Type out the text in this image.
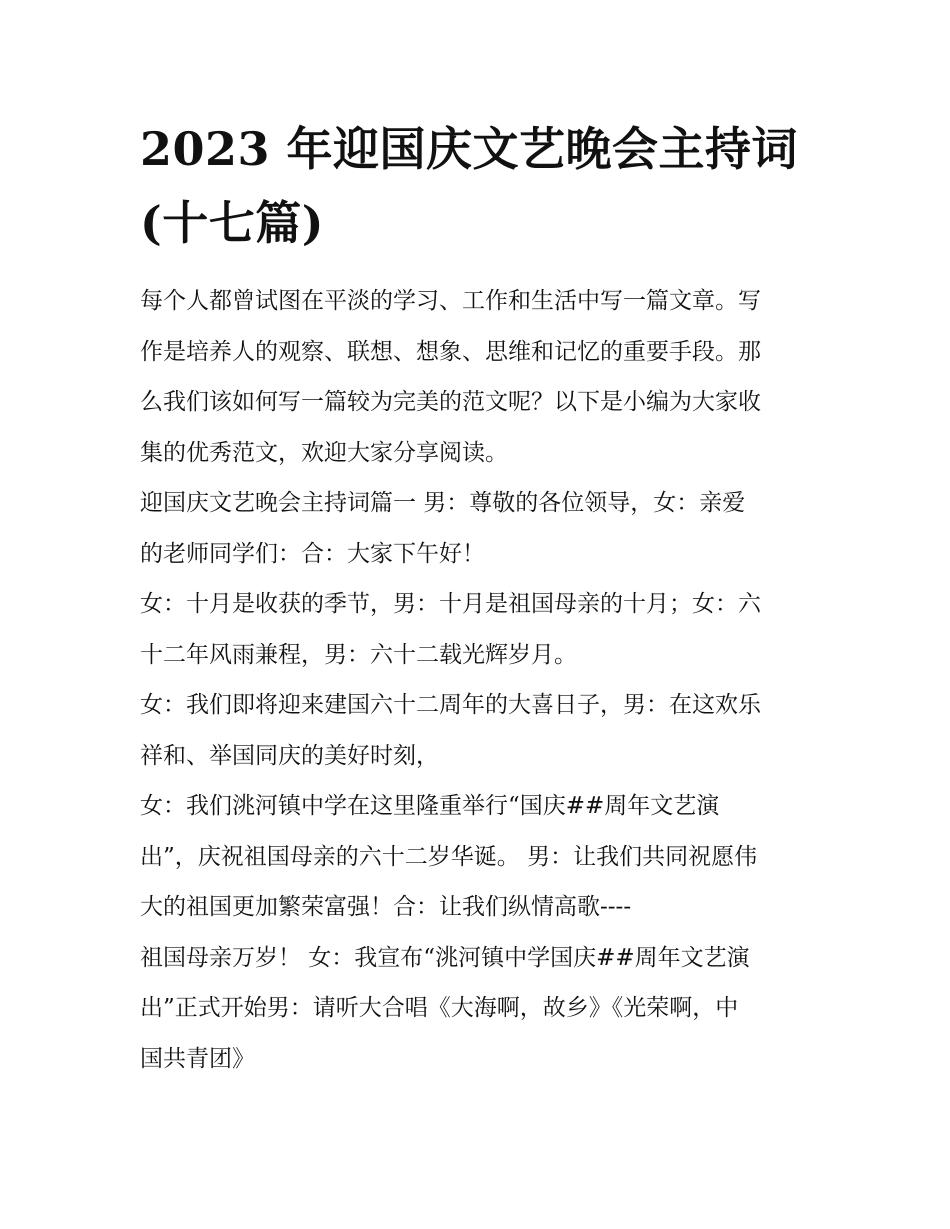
2023 年迎国庆文艺晚会主持词
(十七篇)

每个人都曾试图在平淡的学习、工作和生活中写一篇文章。写
作是培养人的观察、联想、想象、思维和记忆的重要手段。那
么我们该如何写一篇较为完美的范文呢？以下是小编为大家收
集的优秀范文，欢迎大家分享阅读。

迎国庆文艺晚会主持词篇一 男：尊敬的各位领导，女：亲爱
的老师同学们：合：大家下午好！

女：十月是收获的季节，男：十月是祖国母亲的十月；女：六
十二年风雨兼程，男：六十二载光辉岁月。

女：我们即将迎来建国六十二周年的大喜日子，男：在这欢乐
祥和、举国同庆的美好时刻，

女：我们洮河镇中学在这里隆重举行“国庆##周年文艺演
出”，庆祝祖国母亲的六十二岁华诞。 男：让我们共同祝愿伟
大的祖国更加繁荣富强！合：让我们纵情高歌----

祖国母亲万岁！ 女：我宣布“洮河镇中学国庆##周年文艺演
出”正式开始男：请听大合唱《大海啊，故乡》《光荣啊，中
国共青团》
